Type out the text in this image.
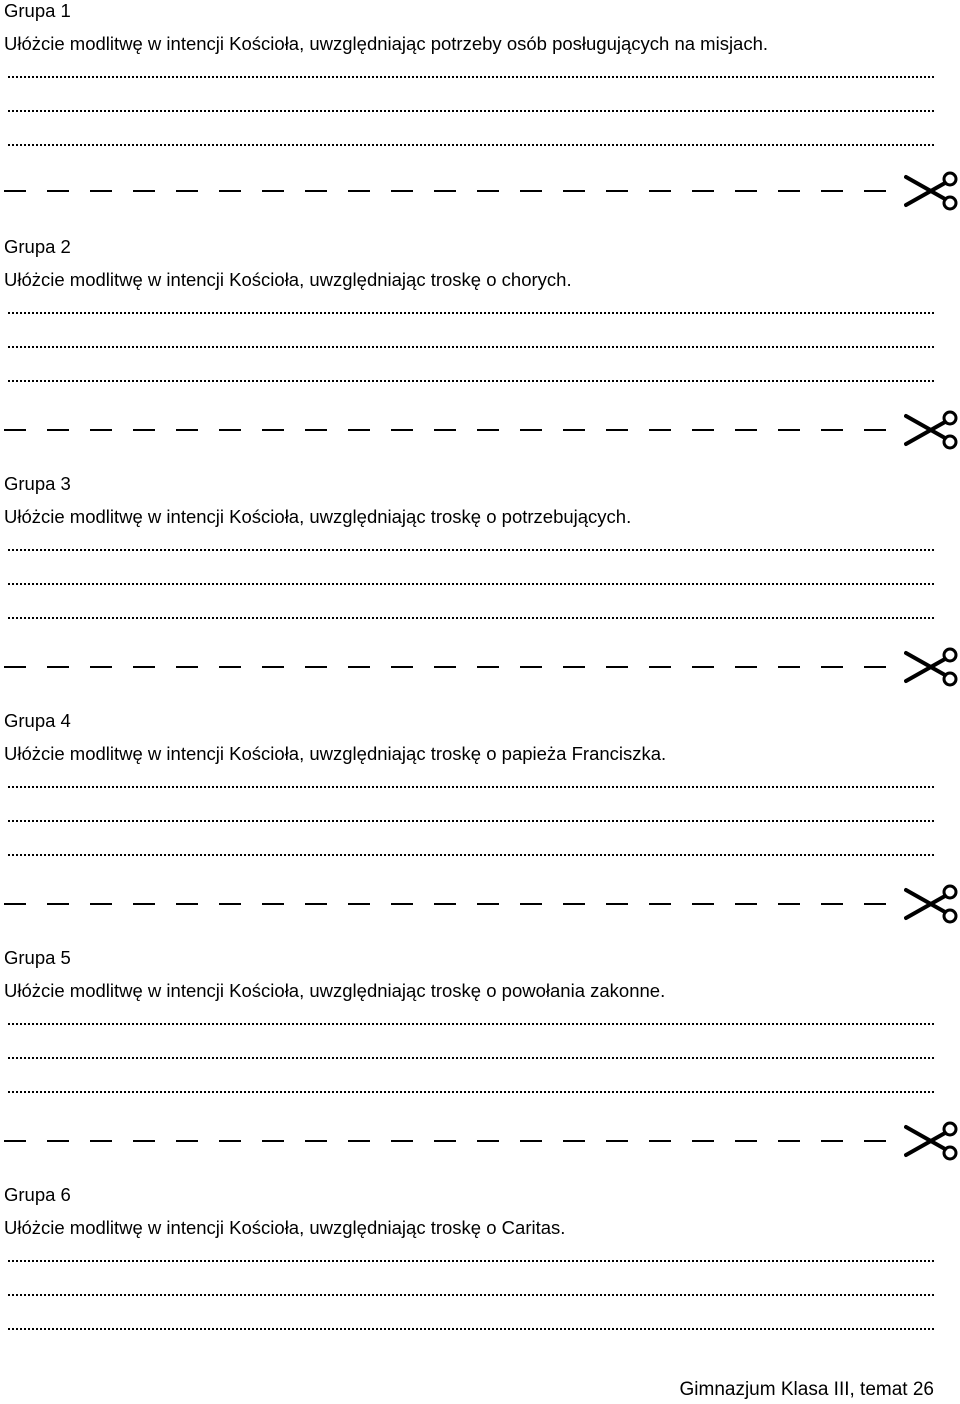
Grupa 1
Ułóżcie modlitwę w intencji Kościoła, uwzględniając potrzeby osób posługujących na misjach.
Grupa 2
Ułóżcie modlitwę w intencji Kościoła, uwzględniając troskę o chorych.
Grupa 3
Ułóżcie modlitwę w intencji Kościoła, uwzględniając troskę o potrzebujących.
Grupa 4
Ułóżcie modlitwę w intencji Kościoła, uwzględniając troskę o papieża Franciszka.
Grupa 5
Ułóżcie modlitwę w intencji Kościoła, uwzględniając troskę o powołania zakonne.
Grupa 6
Ułóżcie modlitwę w intencji Kościoła, uwzględniając troskę o Caritas.
Gimnazjum Klasa III, temat 26
